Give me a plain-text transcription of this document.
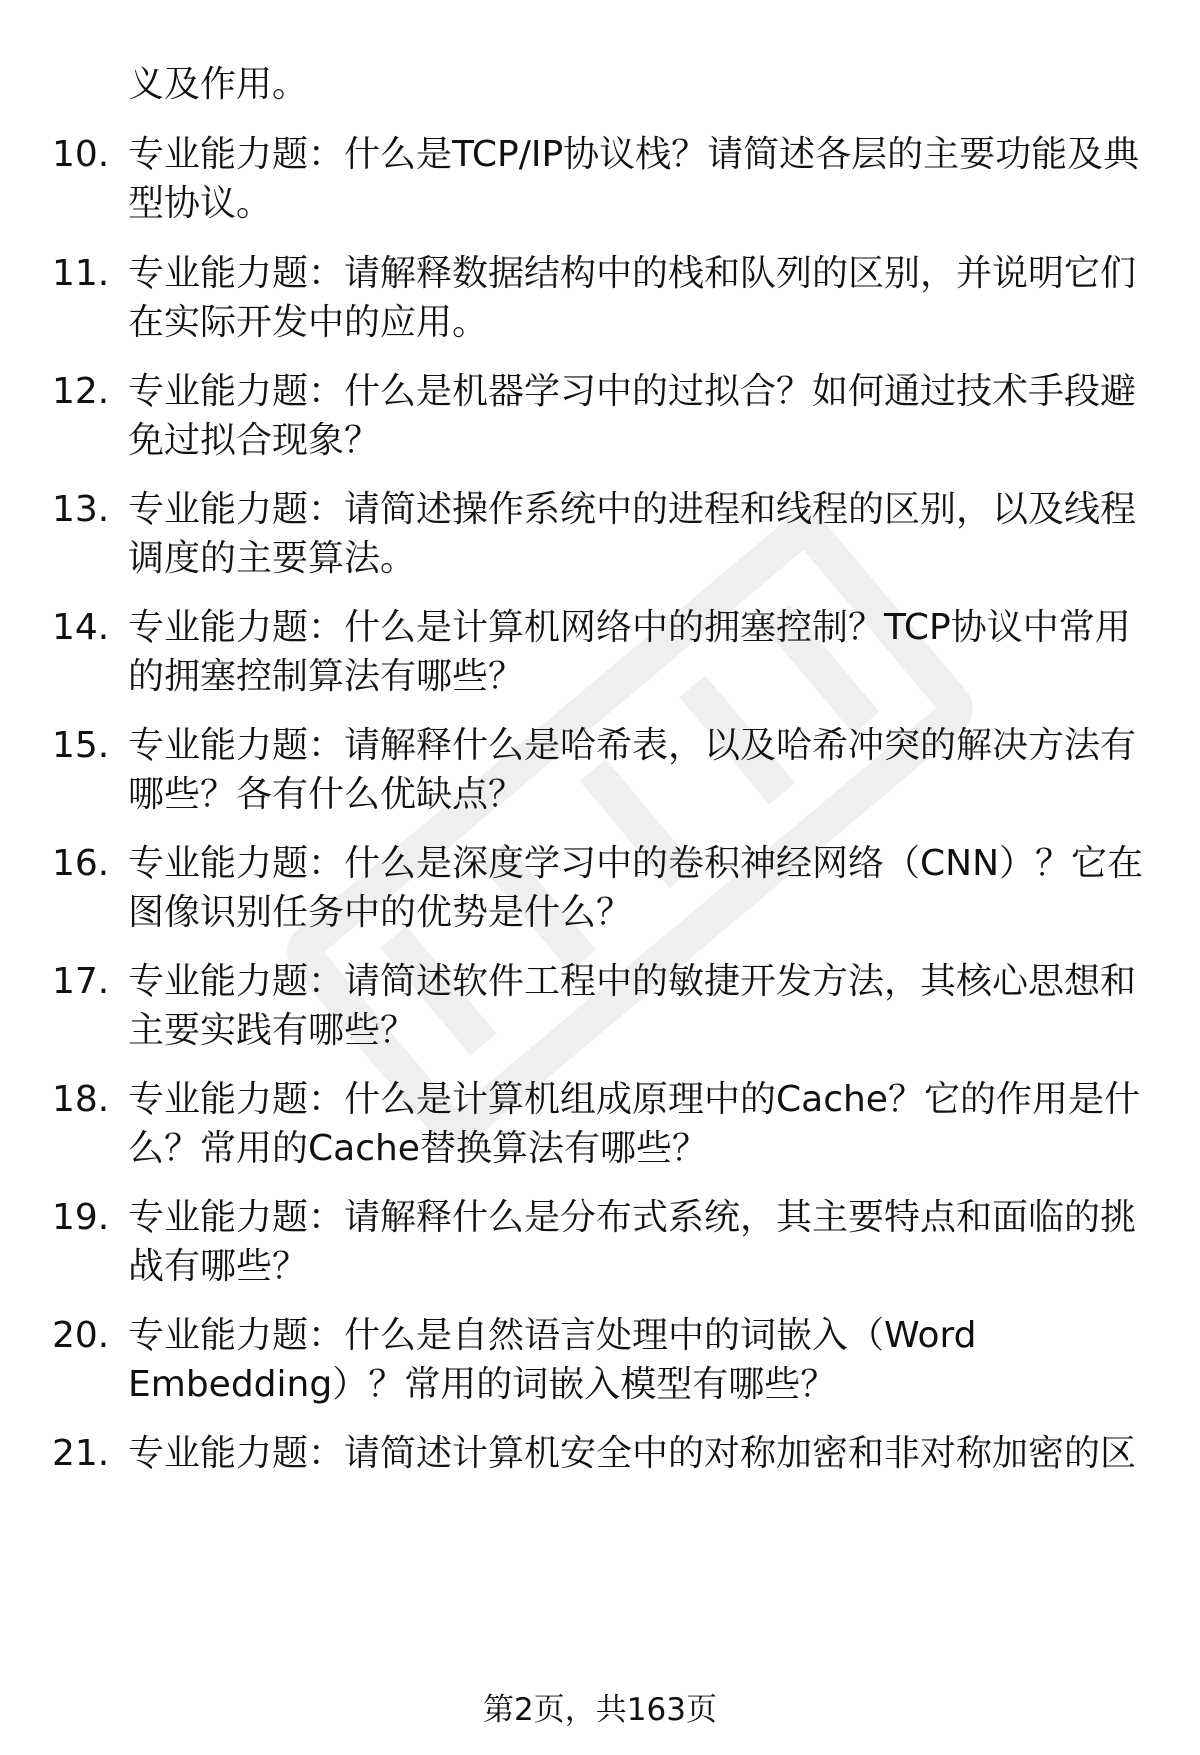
义及作用。
10. 专业能力题：什么是TCP/IP协议栈？请简述各层的主要功能及典型协议。
11. 专业能力题：请解释数据结构中的栈和队列的区别，并说明它们在实际开发中的应用。
12. 专业能力题：什么是机器学习中的过拟合？如何通过技术手段避免过拟合现象？
13. 专业能力题：请简述操作系统中的进程和线程的区别，以及线程调度的主要算法。
14. 专业能力题：什么是计算机网络中的拥塞控制？TCP协议中常用的拥塞控制算法有哪些？
15. 专业能力题：请解释什么是哈希表，以及哈希冲突的解决方法有哪些？各有什么优缺点？
16. 专业能力题：什么是深度学习中的卷积神经网络（CNN）？它在图像识别任务中的优势是什么？
17. 专业能力题：请简述软件工程中的敏捷开发方法，其核心思想和主要实践有哪些？
18. 专业能力题：什么是计算机组成原理中的Cache？它的作用是什么？常用的Cache替换算法有哪些？
19. 专业能力题：请解释什么是分布式系统，其主要特点和面临的挑战有哪些？
20. 专业能力题：什么是自然语言处理中的词嵌入（Word Embedding）？常用的词嵌入模型有哪些？
21. 专业能力题：请简述计算机安全中的对称加密和非对称加密的区
第2页，共163页
